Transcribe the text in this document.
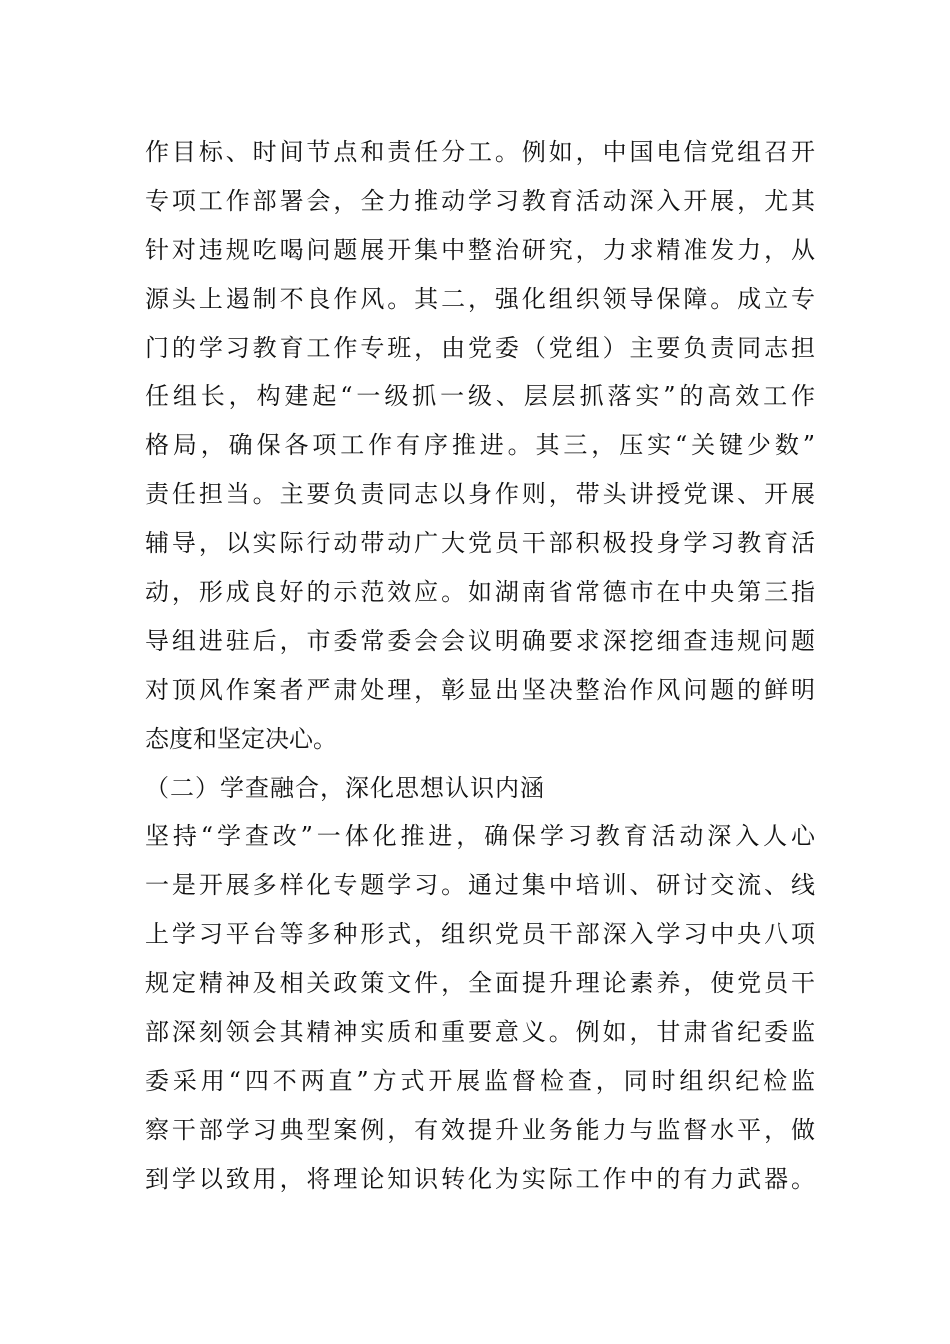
作目标、时间节点和责任分工。例如，中国电信党组召开
专项工作部署会，全力推动学习教育活动深入开展，尤其
针对违规吃喝问题展开集中整治研究，力求精准发力，从
源头上遏制不良作风。其二，强化组织领导保障。成立专
门的学习教育工作专班，由党委（党组）主要负责同志担
任组长，构建起“一级抓一级、层层抓落实”的高效工作
格局，确保各项工作有序推进。其三，压实“关键少数”
责任担当。主要负责同志以身作则，带头讲授党课、开展
辅导，以实际行动带动广大党员干部积极投身学习教育活
动，形成良好的示范效应。如湖南省常德市在中央第三指
导组进驻后，市委常委会会议明确要求深挖细查违规问题
对顶风作案者严肃处理，彰显出坚决整治作风问题的鲜明
态度和坚定决心。
（二）学查融合，深化思想认识内涵
坚持“学查改”一体化推进，确保学习教育活动深入人心
一是开展多样化专题学习。通过集中培训、研讨交流、线
上学习平台等多种形式，组织党员干部深入学习中央八项
规定精神及相关政策文件，全面提升理论素养，使党员干
部深刻领会其精神实质和重要意义。例如，甘肃省纪委监
委采用“四不两直”方式开展监督检查，同时组织纪检监
察干部学习典型案例，有效提升业务能力与监督水平，做
到学以致用，将理论知识转化为实际工作中的有力武器。
